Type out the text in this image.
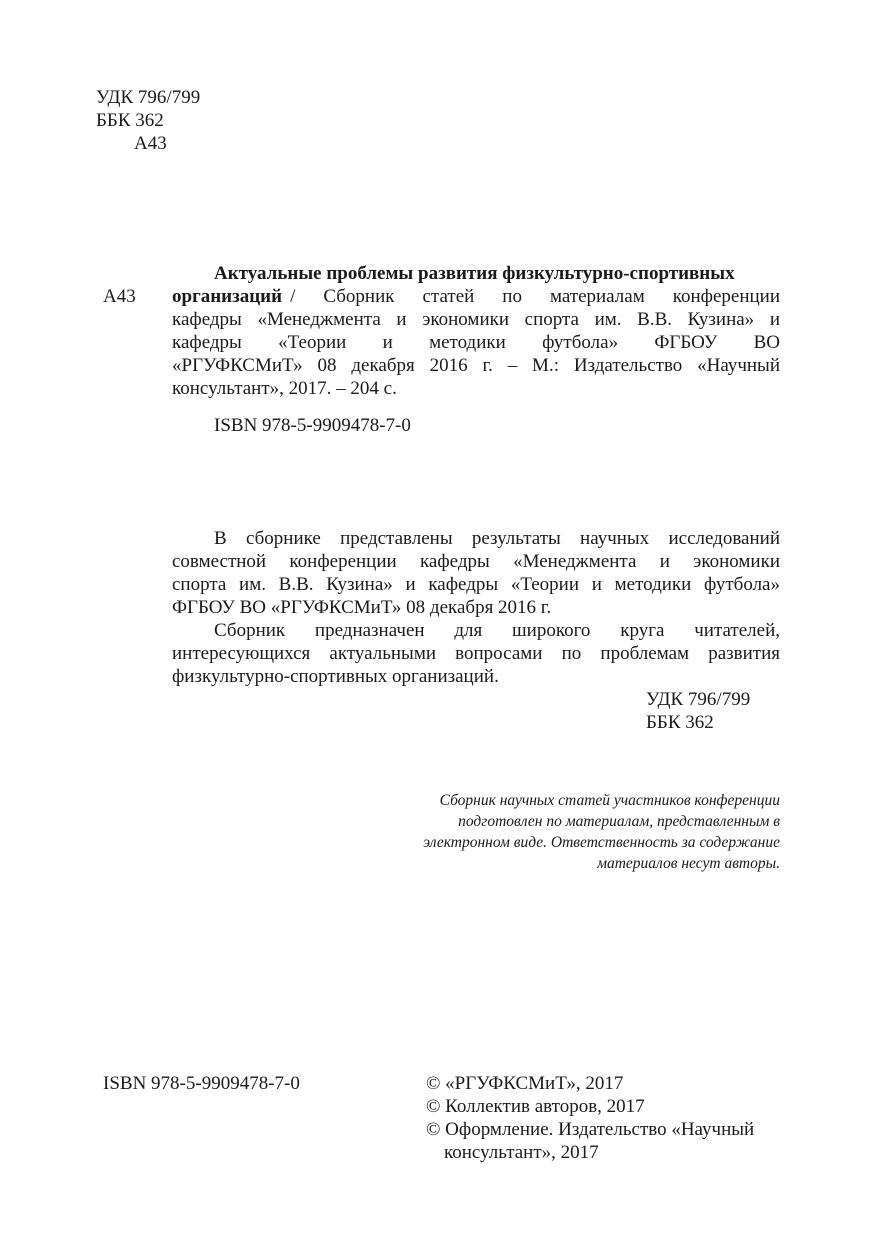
УДК 796/799
ББК 362
А43
А43
Актуальные проблемы развития физкультурно-спортивных
организаций / Сборник статей по материалам конференции
кафедры «Менеджмента и экономики спорта им. В.В. Кузина» и
кафедры «Теории и методики футбола» ФГБОУ ВО
«РГУФКСМиТ» 08 декабря 2016 г. – М.: Издательство «Научный
консультант», 2017. – 204 с.
ISBN 978-5-9909478-7-0
В сборнике представлены результаты научных исследований
совместной конференции кафедры «Менеджмента и экономики
спорта им. В.В. Кузина» и кафедры «Теории и методики футбола»
ФГБОУ ВО «РГУФКСМиТ» 08 декабря 2016 г.
Сборник предназначен для широкого круга читателей,
интересующихся актуальными вопросами по проблемам развития
физкультурно-спортивных организаций.
УДК 796/799
ББК 362
Сборник научных статей участников конференции
подготовлен по материалам, представленным в
электронном виде. Ответственность за содержание
материалов несут авторы.
ISBN 978-5-9909478-7-0	© «РГУФКСМиТ», 2017
© Коллектив авторов, 2017
© Оформление. Издательство «Научный
консультант», 2017
